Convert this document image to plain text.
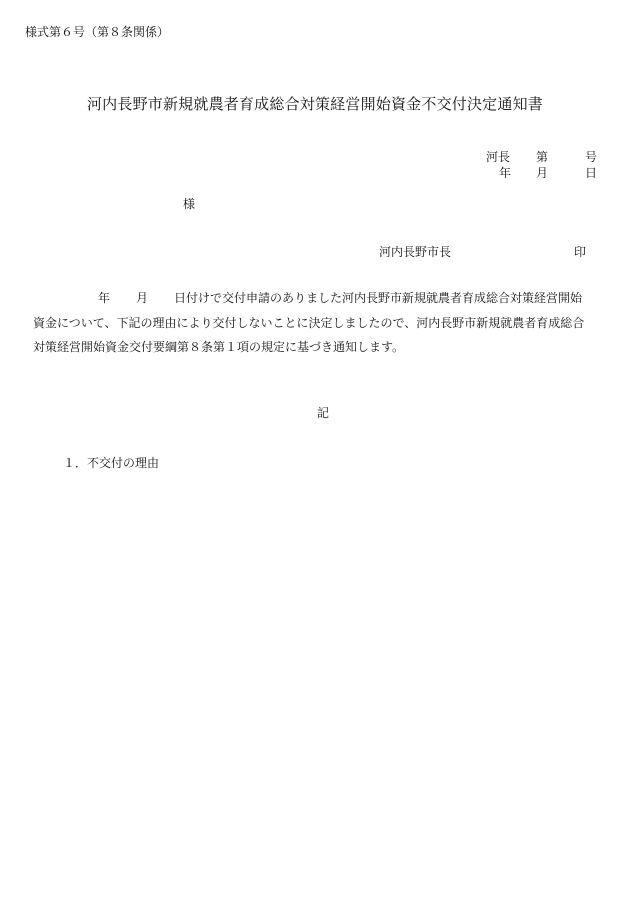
様式第６号（第８条関係）
河内長野市新規就農者育成総合対策経営開始資金不交付決定通知書
河長 第	号
年 月	日
様
河内長野市長	印
年 月 日付けで交付申請のありました河内長野市新規就農者育成総合対策経営開始
資金について、下記の理由により交付しないことに決定しましたので、河内長野市新規就農者育成総合
対策経営開始資金交付要綱第８条第１項の規定に基づき通知します。
記
１．不交付の理由
